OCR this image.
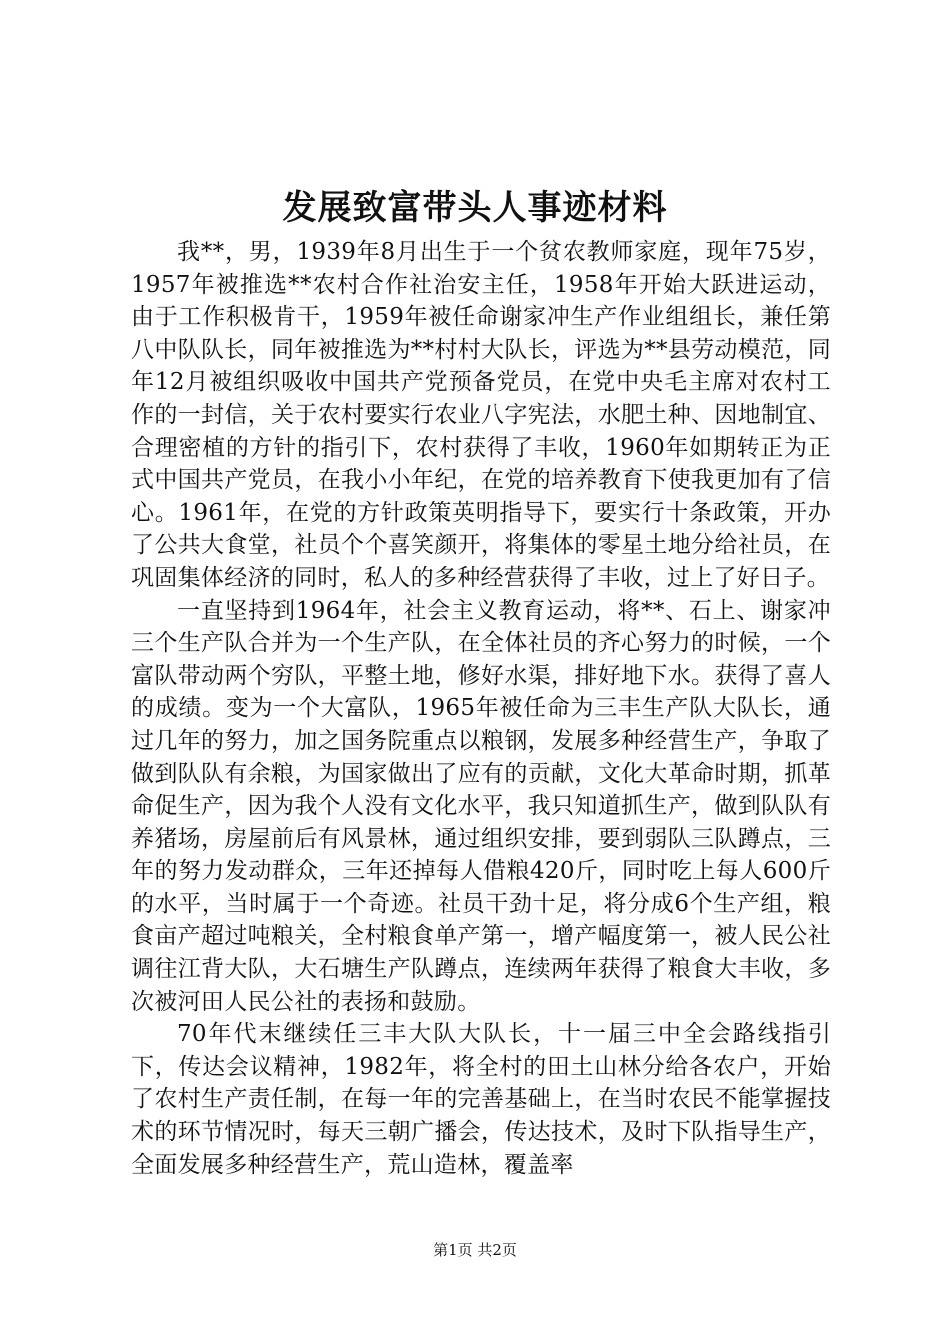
发展致富带头人事迹材料

我**，男，1939年8月出生于一个贫农教师家庭，现年75岁，1957年被推选**农村合作社治安主任，1958年开始大跃进运动，由于工作积极肯干，1959年被任命谢家冲生产作业组组长，兼任第八中队队长，同年被推选为**村村大队长，评选为**县劳动模范，同年12月被组织吸收中国共产党预备党员，在党中央毛主席对农村工作的一封信，关于农村要实行农业八字宪法，水肥土种、因地制宜、合理密植的方针的指引下，农村获得了丰收，1960年如期转正为正式中国共产党员，在我小小年纪，在党的培养教育下使我更加有了信心。1961年，在党的方针政策英明指导下，要实行十条政策，开办了公共大食堂，社员个个喜笑颜开，将集体的零星土地分给社员，在巩固集体经济的同时，私人的多种经营获得了丰收，过上了好日子。

一直坚持到1964年，社会主义教育运动，将**、石上、谢家冲三个生产队合并为一个生产队，在全体社员的齐心努力的时候，一个富队带动两个穷队，平整土地，修好水渠，排好地下水。获得了喜人的成绩。变为一个大富队，1965年被任命为三丰生产队大队长，通过几年的努力，加之国务院重点以粮钢，发展多种经营生产，争取了做到队队有余粮，为国家做出了应有的贡献，文化大革命时期，抓革命促生产，因为我个人没有文化水平，我只知道抓生产，做到队队有养猪场，房屋前后有风景林，通过组织安排，要到弱队三队蹲点，三年的努力发动群众，三年还掉每人借粮420斤，同时吃上每人600斤的水平，当时属于一个奇迹。社员干劲十足，将分成6个生产组，粮食亩产超过吨粮关，全村粮食单产第一，增产幅度第一，被人民公社调往江背大队，大石塘生产队蹲点，连续两年获得了粮食大丰收，多次被河田人民公社的表扬和鼓励。

70年代末继续任三丰大队大队长，十一届三中全会路线指引下，传达会议精神，1982年，将全村的田土山林分给各农户，开始了农村生产责任制，在每一年的完善基础上，在当时农民不能掌握技术的环节情况时，每天三朝广播会，传达技术，及时下队指导生产，全面发展多种经营生产，荒山造林，覆盖率

第1页 共2页
